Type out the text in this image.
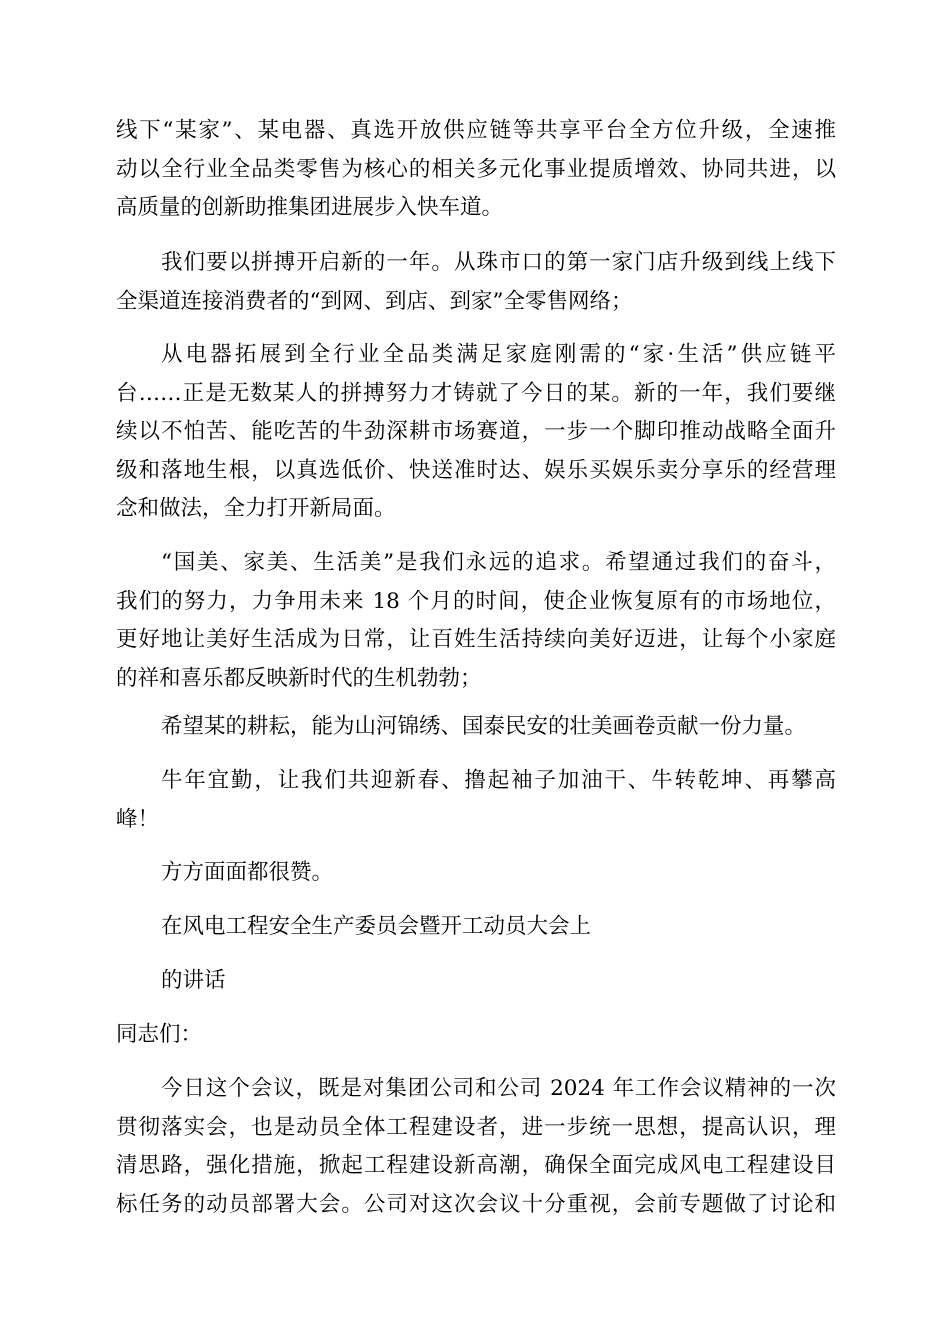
线下“某家”、某电器、真选开放供应链等共享平台全方位升级，全速推
动以全行业全品类零售为核心的相关多元化事业提质增效、协同共进，以
高质量的创新助推集团进展步入快车道。

我们要以拼搏开启新的一年。从珠市口的第一家门店升级到线上线下
全渠道连接消费者的“到网、到店、到家”全零售网络；

从电器拓展到全行业全品类满足家庭刚需的“家·生活”供应链平
台……正是无数某人的拼搏努力才铸就了今日的某。新的一年，我们要继
续以不怕苦、能吃苦的牛劲深耕市场赛道，一步一个脚印推动战略全面升
级和落地生根，以真选低价、快送准时达、娱乐买娱乐卖分享乐的经营理
念和做法，全力打开新局面。

“国美、家美、生活美”是我们永远的追求。希望通过我们的奋斗，
我们的努力，力争用未来 18 个月的时间，使企业恢复原有的市场地位，
更好地让美好生活成为日常，让百姓生活持续向美好迈进，让每个小家庭
的祥和喜乐都反映新时代的生机勃勃；

希望某的耕耘，能为山河锦绣、国泰民安的壮美画卷贡献一份力量。

牛年宜勤，让我们共迎新春、撸起袖子加油干、牛转乾坤、再攀高
峰！

方方面面都很赞。

在风电工程安全生产委员会暨开工动员大会上

的讲话

同志们：

今日这个会议，既是对集团公司和公司 2024 年工作会议精神的一次
贯彻落实会，也是动员全体工程建设者，进一步统一思想，提高认识，理
清思路，强化措施，掀起工程建设新高潮，确保全面完成风电工程建设目
标任务的动员部署大会。公司对这次会议十分重视，会前专题做了讨论和
